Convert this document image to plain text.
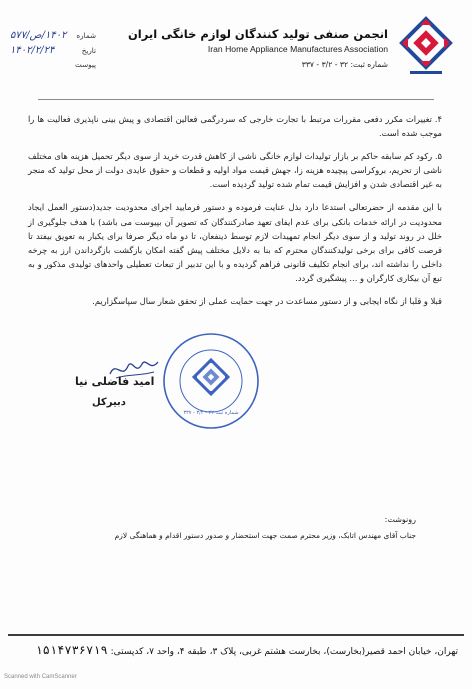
انجمن صنفی تولید کنندگان لوازم خانگی ایران
Iran Home Appliance Manufactures Association
شماره ثبت: ۳۲ - ۳/۲ - ۳۳۷
شماره
۱۴۰۲/ص/۵۷۷
تاریخ
۱۴۰۲/۲/۲۴
پیوست

۴. تغییرات مکرر دفعی مقررات مرتبط با تجارت خارجی که سردرگمی فعالین اقتصادی و پیش بینی ناپذیری فعالیت ها را موجب شده است.

۵. رکود کم سابقه حاکم بر بازار تولیدات لوازم خانگی ناشی از کاهش قدرت خرید از سوی دیگر تحمیل هزینه های مختلف ناشی از تحریم، بروکراسی پیچیده هزینه زا، جهش قیمت مواد اولیه و قطعات و حقوق عایدی دولت از محل تولید که منجر به غیر اقتصادی شدن و افزایش قیمت تمام شده تولید گردیده است.

با این مقدمه از حضرتعالی استدعا دارد بذل عنایت فرموده و دستور فرمایید اجرای محدودیت جدید(دستور العمل ایجاد محدودیت در ارائه خدمات بانکی برای عدم ایفای تعهد صادرکنندگان که تصویر آن بپیوست می باشد) با هدف جلوگیری از خلل در روند تولید و از سوی دیگر انجام تمهیدات لازم توسط ذینفعان، تا دو ماه دیگر صرفا برای یکبار به تعویق بیفتد تا فرصت کافی برای برخی تولیدکنندگان محترم که بنا به دلایل مختلف پیش گفته امکان بازگشت بازگرداندن ارز به چرخه داخلی را نداشته اند، برای انجام تکلیف قانونی فراهم گردیده و با این تدبیر از تبعات تعطیلی واحدهای تولیدی مذکور و به تبع آن بیکاری کارگران و ... پیشگیری گردد.

قبلا و قلبا از نگاه ایجابی و از دستور مساعدت در جهت حمایت عملی از تحقق شعار سال سپاسگزاریم.

امید فاضلی نیا
دبیرکل
شماره ثبت ۳۲ - ۳/۲ - ۳۳۷
رونوشت:
جناب آقای مهندس اتابک، وزیر محترم صمت جهت استحضار و صدور دستور اقدام و هماهنگی لازم
تهران، خیابان احمد قصیر(بخارست)، بخارست هشتم غربی، پلاک ۳، طبقه ۴، واحد ۷، کدپستی: ۱۵۱۴۷۳۶۷۱۹
Scanned with CamScanner
